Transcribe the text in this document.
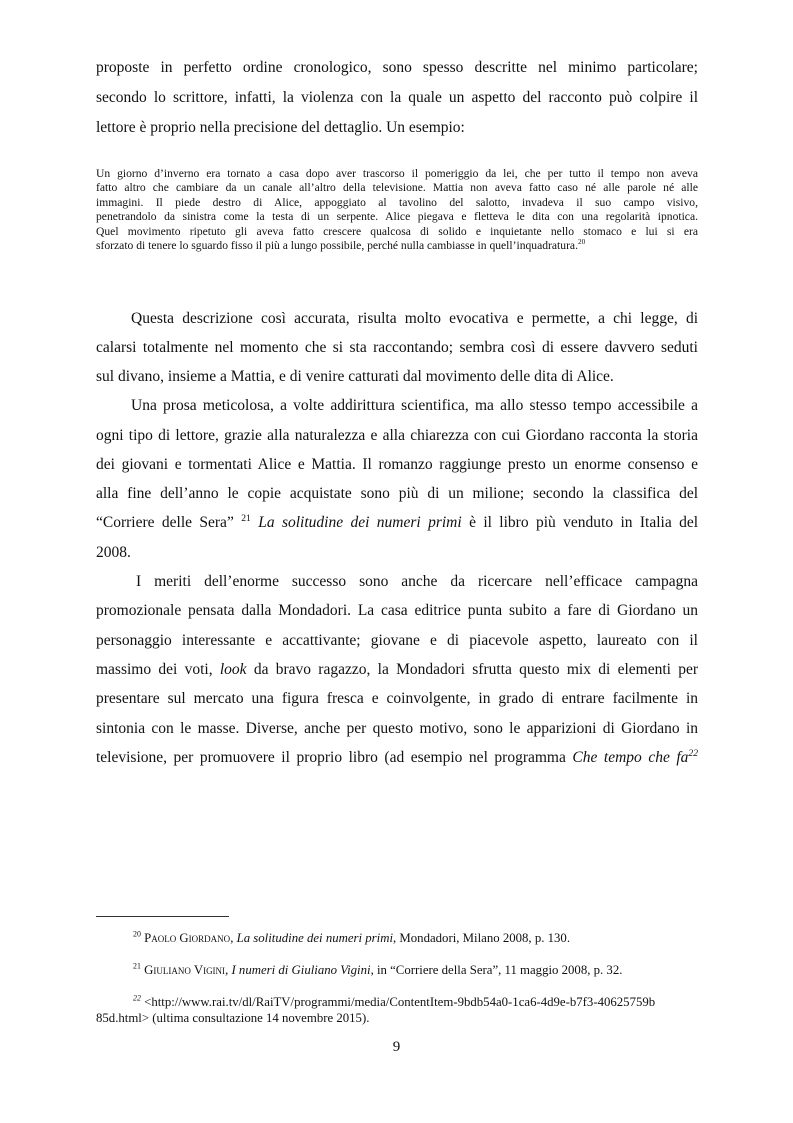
proposte in perfetto ordine cronologico, sono spesso descritte nel minimo particolare;
secondo lo scrittore, infatti, la violenza con la quale un aspetto del racconto può colpire il
lettore è proprio nella precisione del dettaglio. Un esempio:
Un giorno d’inverno era tornato a casa dopo aver trascorso il pomeriggio da lei, che per tutto il tempo non aveva
fatto altro che cambiare da un canale all’altro della televisione. Mattia non aveva fatto caso né alle parole né alle
immagini. Il piede destro di Alice, appoggiato al tavolino del salotto, invadeva il suo campo visivo,
penetrandolo da sinistra come la testa di un serpente. Alice piegava e fletteva le dita con una regolarità ipnotica.
Quel movimento ripetuto gli aveva fatto crescere qualcosa di solido e inquietante nello stomaco e lui si era
sforzato di tenere lo sguardo fisso il più a lungo possibile, perché nulla cambiasse in quell’inquadratura.$^{20}$
Questa descrizione così accurata, risulta molto evocativa e permette, a chi legge, di
calarsi totalmente nel momento che si sta raccontando; sembra così di essere davvero seduti
sul divano, insieme a Mattia, e di venire catturati dal movimento delle dita di Alice.
Una prosa meticolosa, a volte addirittura scientifica, ma allo stesso tempo accessibile a
ogni tipo di lettore, grazie alla naturalezza e alla chiarezza con cui Giordano racconta la storia
dei giovani e tormentati Alice e Mattia. Il romanzo raggiunge presto un enorme consenso e
alla fine dell’anno le copie acquistate sono più di un milione; secondo la classifica del
“Corriere delle Sera” $^{21}$ La solitudine dei numeri primi è il libro più venduto in Italia del
2008.
I meriti dell’enorme successo sono anche da ricercare nell’efficace campagna
promozionale pensata dalla Mondadori. La casa editrice punta subito a fare di Giordano un
personaggio interessante e accattivante; giovane e di piacevole aspetto, laureato con il
massimo dei voti, look da bravo ragazzo, la Mondadori sfrutta questo mix di elementi per
presentare sul mercato una figura fresca e coinvolgente, in grado di entrare facilmente in
sintonia con le masse. Diverse, anche per questo motivo, sono le apparizioni di Giordano in
televisione, per promuovere il proprio libro (ad esempio nel programma Che tempo che $fa^{22}$
$^{20}$ Paolo Giordano, La solitudine dei numeri primi, Mondadori, Milano 2008, p. 130.
$^{21}$ Giuliano Vigini, I numeri di Giuliano Vigini, in “Corriere della Sera”, 11 maggio 2008, p. 32.
$^{22}$ <http://www.rai.tv/dl/RaiTV/programmi/media/ContentItem-9bdb54a0-1ca6-4d9e-b7f3-40625759b
85d.html> (ultima consultazione 14 novembre 2015).
9
